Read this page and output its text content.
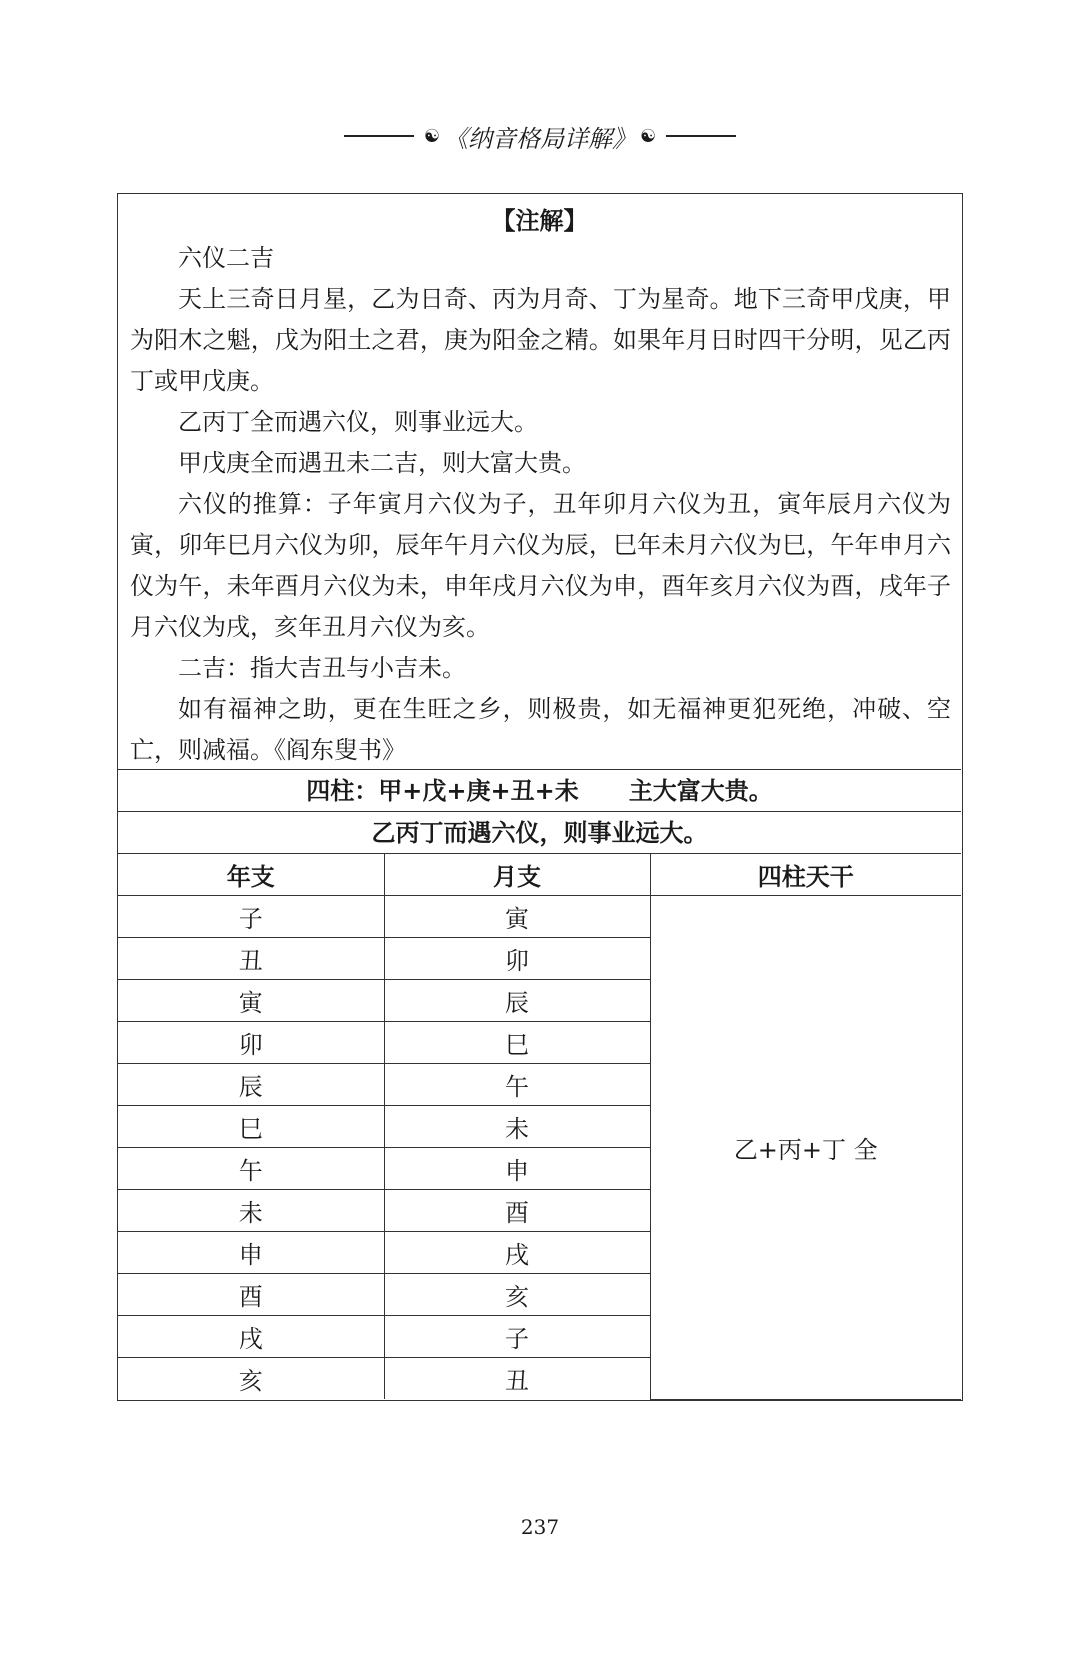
☯ 《纳音格局详解》 ☯
【注解】

六仪二吉

天上三奇日月星，乙为日奇、丙为月奇、丁为星奇。地下三奇甲戊庚，甲为阳木之魁，戊为阳土之君，庚为阳金之精。如果年月日时四干分明，见乙丙丁或甲戊庚。

乙丙丁全而遇六仪，则事业远大。

甲戊庚全而遇丑未二吉，则大富大贵。

六仪的推算：子年寅月六仪为子，丑年卯月六仪为丑，寅年辰月六仪为寅，卯年巳月六仪为卯，辰年午月六仪为辰，巳年未月六仪为巳，午年申月六仪为午，未年酉月六仪为未，申年戌月六仪为申，酉年亥月六仪为酉，戌年子月六仪为戌，亥年丑月六仪为亥。

二吉：指大吉丑与小吉未。

如有福神之助，更在生旺之乡，则极贵，如无福神更犯死绝，冲破、空亡，则减福。《阎东叟书》

四柱：甲+戊+庚+丑+未 主大富大贵。
乙丙丁而遇六仪，则事业远大。
年支	月支	四柱天干
子	寅	乙+丙+丁 全
丑	卯	
寅	辰	
卯	巳	
辰	午	
巳	未	
午	申	
未	酉	
申	戌	
酉	亥	
戌	子	
亥	丑	
237
